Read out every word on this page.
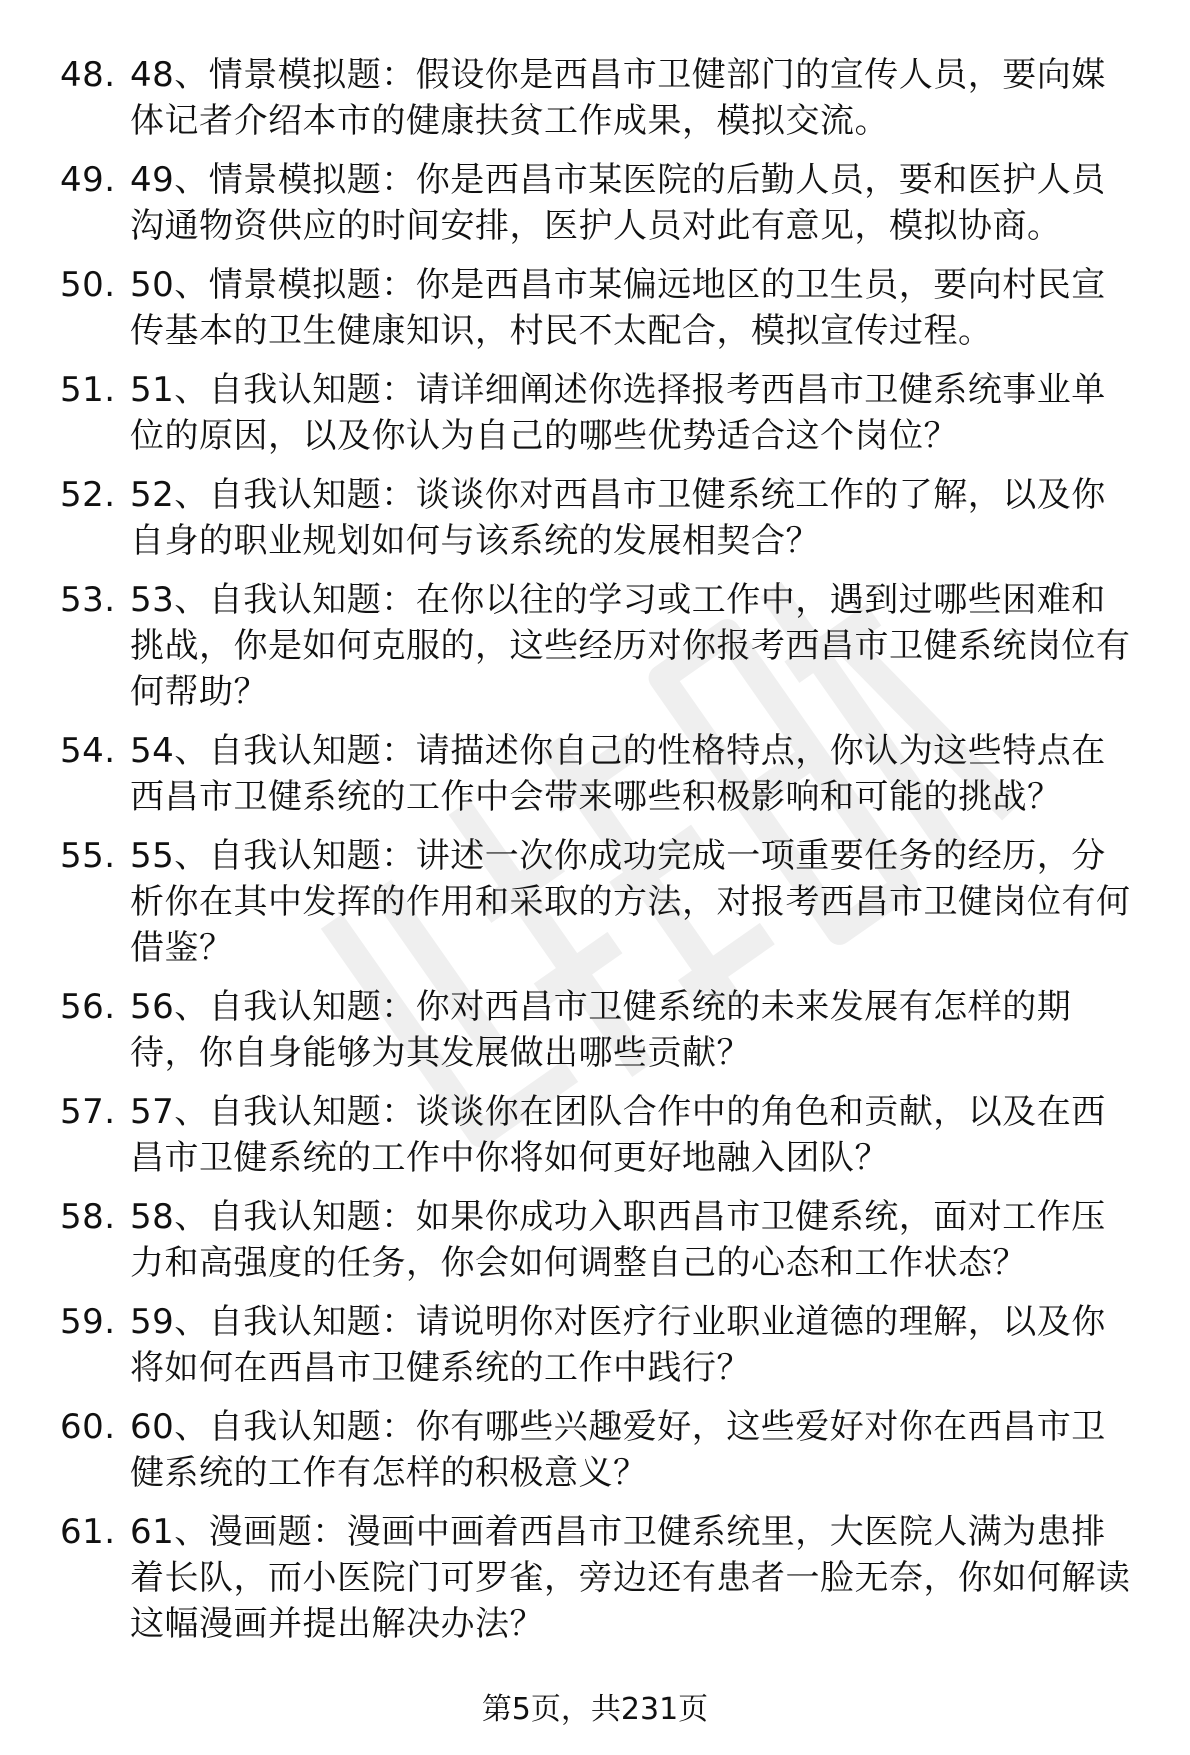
48. 48、情景模拟题：假设你是西昌市卫健部门的宣传人员，要向媒体记者介绍本市的健康扶贫工作成果，模拟交流。
49. 49、情景模拟题：你是西昌市某医院的后勤人员，要和医护人员沟通物资供应的时间安排，医护人员对此有意见，模拟协商。
50. 50、情景模拟题：你是西昌市某偏远地区的卫生员，要向村民宣传基本的卫生健康知识，村民不太配合，模拟宣传过程。
51. 51、自我认知题：请详细阐述你选择报考西昌市卫健系统事业单位的原因，以及你认为自己的哪些优势适合这个岗位？
52. 52、自我认知题：谈谈你对西昌市卫健系统工作的了解，以及你自身的职业规划如何与该系统的发展相契合？
53. 53、自我认知题：在你以往的学习或工作中，遇到过哪些困难和挑战，你是如何克服的，这些经历对你报考西昌市卫健系统岗位有何帮助？
54. 54、自我认知题：请描述你自己的性格特点，你认为这些特点在西昌市卫健系统的工作中会带来哪些积极影响和可能的挑战？
55. 55、自我认知题：讲述一次你成功完成一项重要任务的经历，分析你在其中发挥的作用和采取的方法，对报考西昌市卫健岗位有何借鉴？
56. 56、自我认知题：你对西昌市卫健系统的未来发展有怎样的期待，你自身能够为其发展做出哪些贡献？
57. 57、自我认知题：谈谈你在团队合作中的角色和贡献，以及在西昌市卫健系统的工作中你将如何更好地融入团队？
58. 58、自我认知题：如果你成功入职西昌市卫健系统，面对工作压力和高强度的任务，你会如何调整自己的心态和工作状态？
59. 59、自我认知题：请说明你对医疗行业职业道德的理解，以及你将如何在西昌市卫健系统的工作中践行？
60. 60、自我认知题：你有哪些兴趣爱好，这些爱好对你在西昌市卫健系统的工作有怎样的积极意义？
61. 61、漫画题：漫画中画着西昌市卫健系统里，大医院人满为患排着长队，而小医院门可罗雀，旁边还有患者一脸无奈，你如何解读这幅漫画并提出解决办法？
第5页，共231页
